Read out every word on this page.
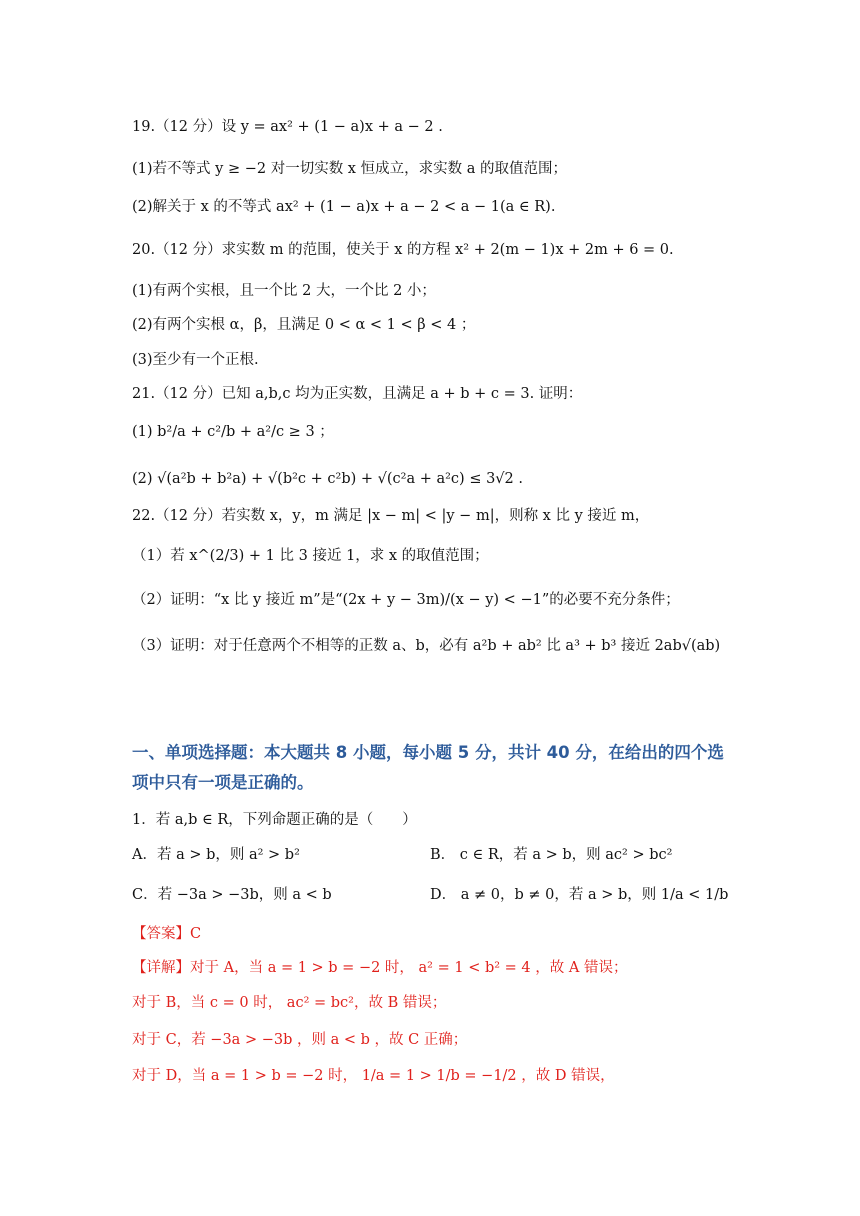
19.（12 分）设 y = ax² + (1 − a)x + a − 2 .
(1)若不等式 y ≥ −2 对一切实数 x 恒成立，求实数 a 的取值范围；
(2)解关于 x 的不等式 ax² + (1 − a)x + a − 2 < a − 1(a ∈ R).
20.（12 分）求实数 m 的范围，使关于 x 的方程 x² + 2(m − 1)x + 2m + 6 = 0.
(1)有两个实根，且一个比 2 大，一个比 2 小；
(2)有两个实根 α，β，且满足 0 < α < 1 < β < 4 ；
(3)至少有一个正根.
21.（12 分）已知 a,b,c 均为正实数，且满足 a + b + c = 3. 证明：
(1) b²/a + c²/b + a²/c ≥ 3 ；
(2) √(a²b + b²a) + √(b²c + c²b) + √(c²a + a²c) ≤ 3√2 .
22.（12 分）若实数 x，y，m 满足 |x − m| < |y − m|，则称 x 比 y 接近 m，
（1）若 x^(2/3) + 1 比 3 接近 1，求 x 的取值范围；
（2）证明：“x 比 y 接近 m”是“(2x + y − 3m)/(x − y) < −1”的必要不充分条件；
（3）证明：对于任意两个不相等的正数 a、b，必有 a²b + ab² 比 a³ + b³ 接近 2ab√(ab)
一、单项选择题：本大题共 8 小题，每小题 5 分，共计 40 分，在给出的四个选
项中只有一项是正确的。
1．若 a,b ∈ R，下列命题正确的是（　　）
A．若 a > b，则 a² > b²	B． c ∈ R，若 a > b，则 ac² > bc²
C．若 −3a > −3b，则 a < b	D． a ≠ 0，b ≠ 0，若 a > b，则 1/a < 1/b
【答案】C
【详解】对于 A，当 a = 1 > b = −2 时， a² = 1 < b² = 4 ，故 A 错误；
对于 B，当 c = 0 时， ac² = bc²，故 B 错误；
对于 C，若 −3a > −3b ，则 a < b ，故 C 正确；
对于 D，当 a = 1 > b = −2 时， 1/a = 1 > 1/b = −1/2 ，故 D 错误，
